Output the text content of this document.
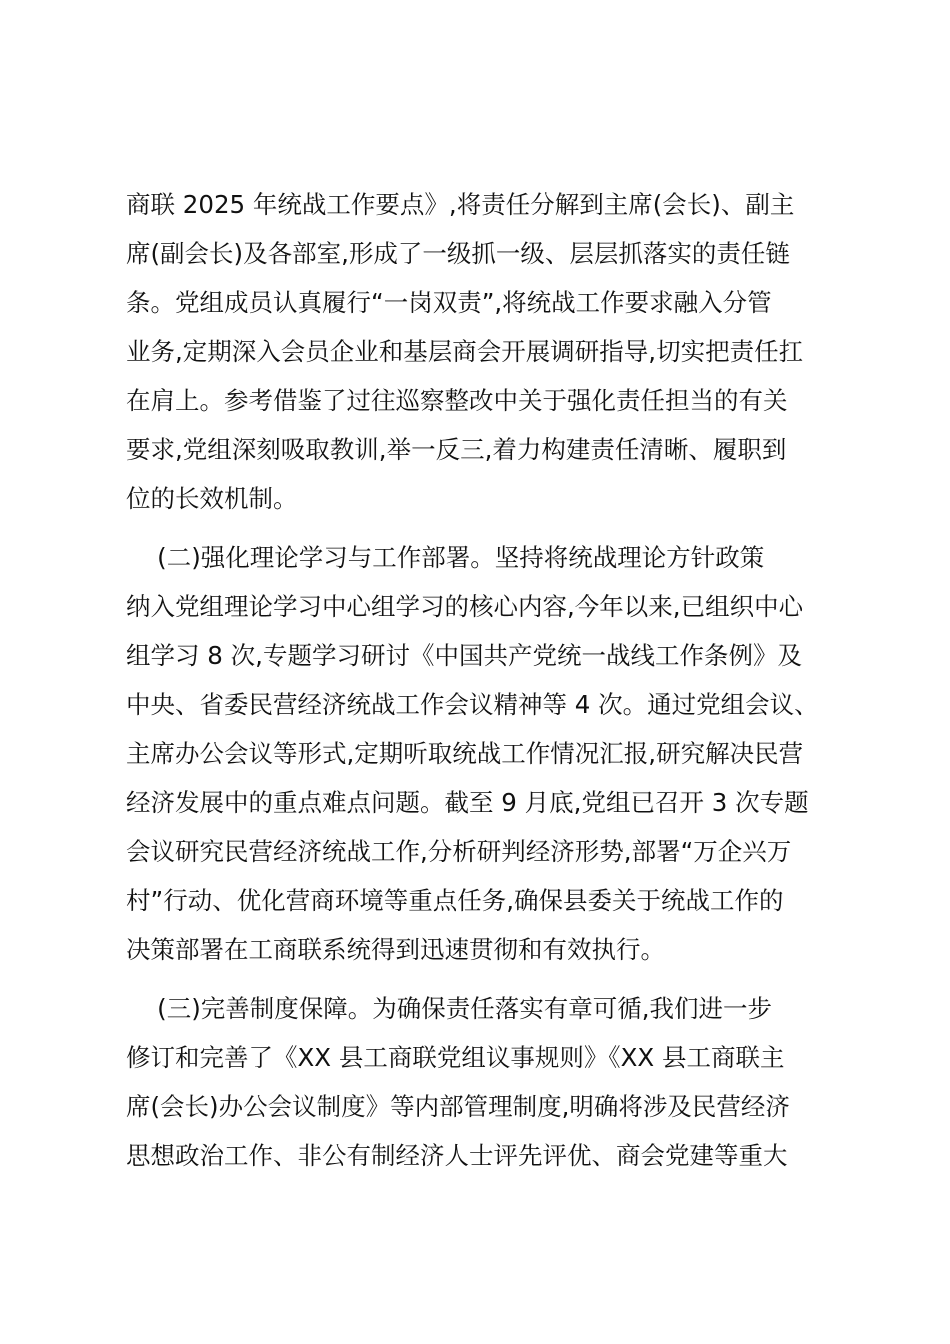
商联 2025 年统战工作要点》,将责任分解到主席(会长)、副主
席(副会长)及各部室,形成了一级抓一级、层层抓落实的责任链
条。党组成员认真履行“一岗双责”,将统战工作要求融入分管
业务,定期深入会员企业和基层商会开展调研指导,切实把责任扛
在肩上。参考借鉴了过往巡察整改中关于强化责任担当的有关
要求,党组深刻吸取教训,举一反三,着力构建责任清晰、履职到
位的长效机制。
(二)强化理论学习与工作部署。坚持将统战理论方针政策
纳入党组理论学习中心组学习的核心内容,今年以来,已组织中心
组学习 8 次,专题学习研讨《中国共产党统一战线工作条例》及
中央、省委民营经济统战工作会议精神等 4 次。通过党组会议、
主席办公会议等形式,定期听取统战工作情况汇报,研究解决民营
经济发展中的重点难点问题。截至 9 月底,党组已召开 3 次专题
会议研究民营经济统战工作,分析研判经济形势,部署“万企兴万
村”行动、优化营商环境等重点任务,确保县委关于统战工作的
决策部署在工商联系统得到迅速贯彻和有效执行。
(三)完善制度保障。为确保责任落实有章可循,我们进一步
修订和完善了《XX 县工商联党组议事规则》《XX 县工商联主
席(会长)办公会议制度》等内部管理制度,明确将涉及民营经济
思想政治工作、非公有制经济人士评先评优、商会党建等重大
